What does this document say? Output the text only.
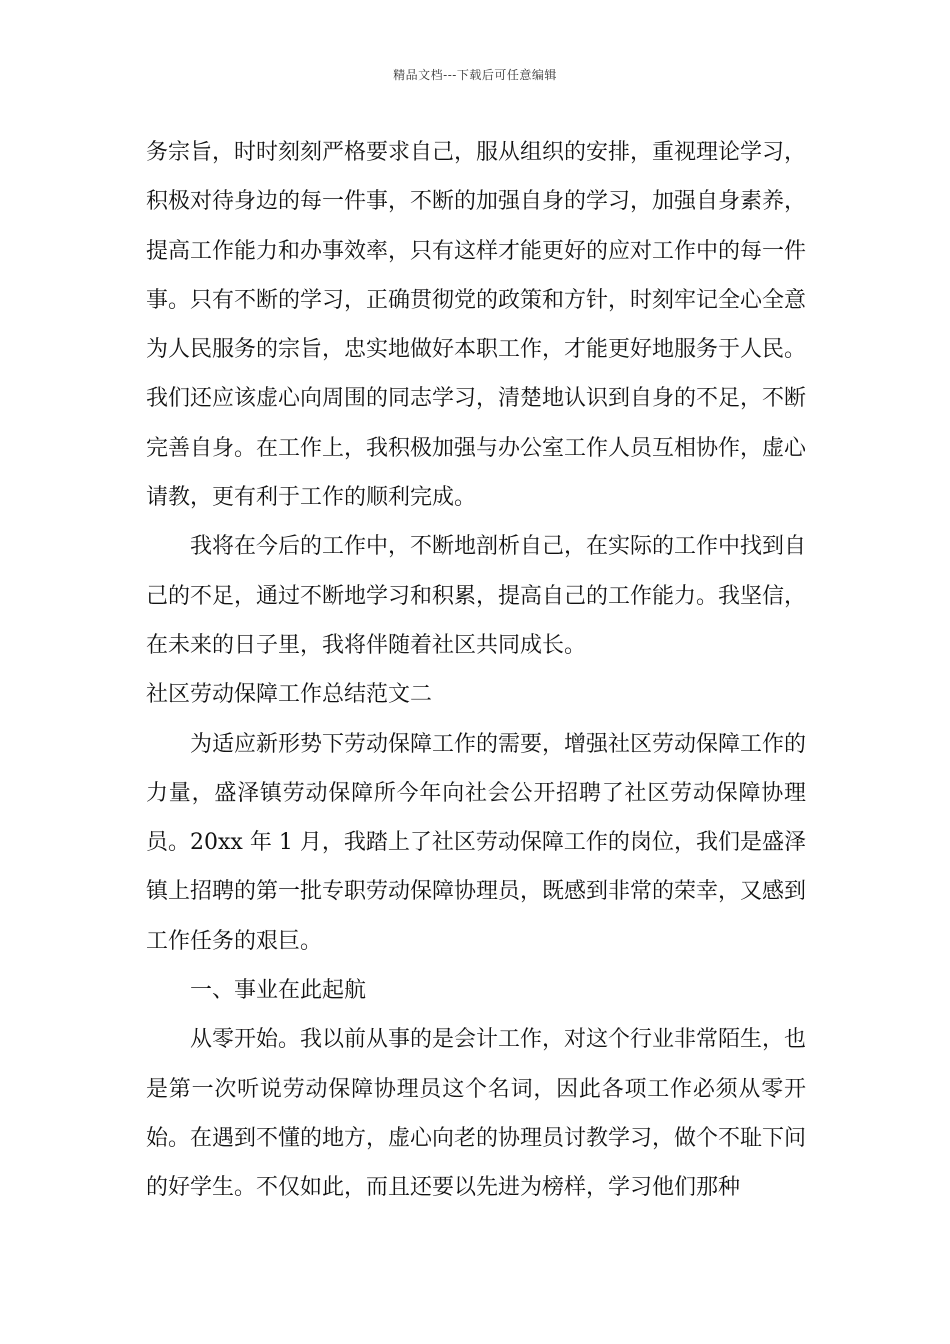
精品文档---下载后可任意编辑

务宗旨，时时刻刻严格要求自己，服从组织的安排，重视理论学习，积极对待身边的每一件事，不断的加强自身的学习，加强自身素养，提高工作能力和办事效率，只有这样才能更好的应对工作中的每一件事。只有不断的学习，正确贯彻党的政策和方针，时刻牢记全心全意为人民服务的宗旨，忠实地做好本职工作，才能更好地服务于人民。我们还应该虚心向周围的同志学习，清楚地认识到自身的不足，不断完善自身。在工作上，我积极加强与办公室工作人员互相协作，虚心请教，更有利于工作的顺利完成。

我将在今后的工作中，不断地剖析自己，在实际的工作中找到自己的不足，通过不断地学习和积累，提高自己的工作能力。我坚信，在未来的日子里，我将伴随着社区共同成长。

社区劳动保障工作总结范文二

为适应新形势下劳动保障工作的需要，增强社区劳动保障工作的力量，盛泽镇劳动保障所今年向社会公开招聘了社区劳动保障协理员。20xx 年 1 月，我踏上了社区劳动保障工作的岗位，我们是盛泽镇上招聘的第一批专职劳动保障协理员，既感到非常的荣幸，又感到工作任务的艰巨。

一、事业在此起航

从零开始。我以前从事的是会计工作，对这个行业非常陌生，也是第一次听说劳动保障协理员这个名词，因此各项工作必须从零开始。在遇到不懂的地方，虚心向老的协理员讨教学习，做个不耻下问的好学生。不仅如此，而且还要以先进为榜样，学习他们那种
